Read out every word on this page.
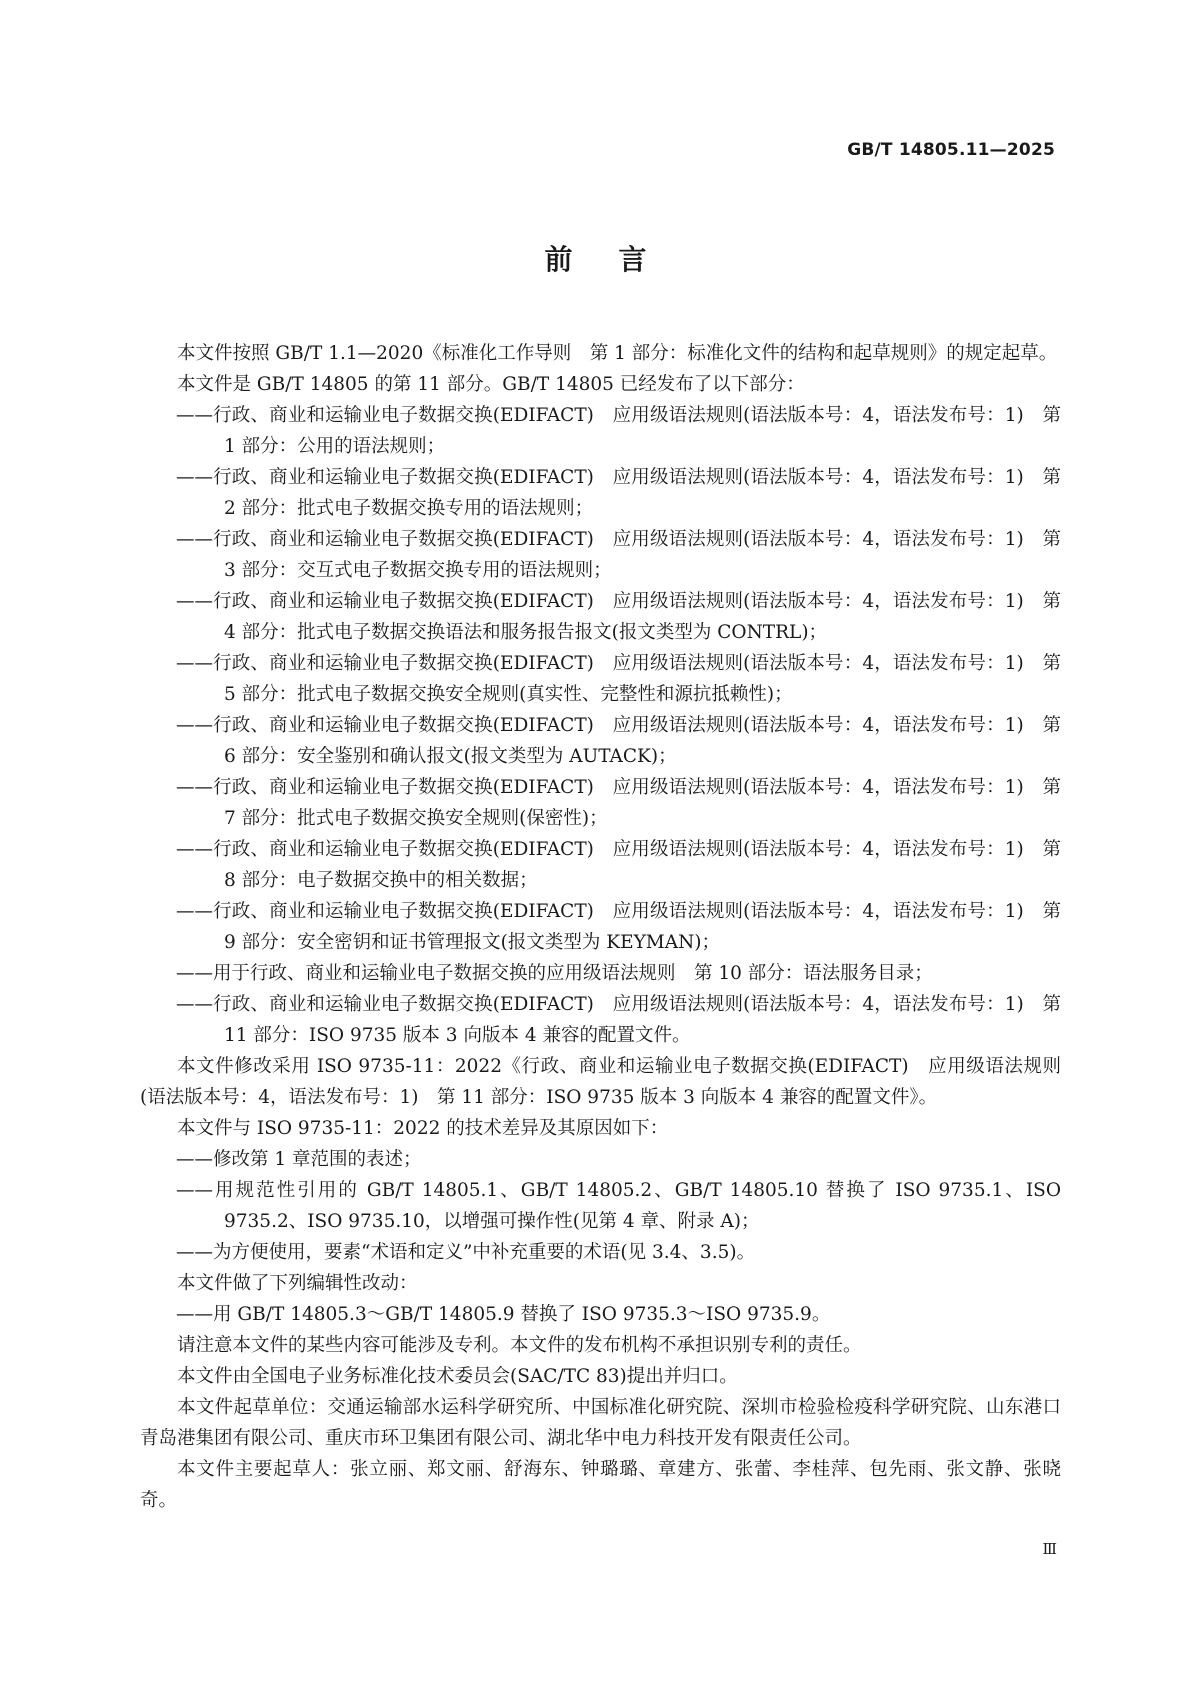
GB/T 14805.11—2025
前言

本文件按照 GB/T 1.1—2020《标准化工作导则　第 1 部分：标准化文件的结构和起草规则》的规定起草。

本文件是 GB/T 14805 的第 11 部分。GB/T 14805 已经发布了以下部分：

——行政、商业和运输业电子数据交换(EDIFACT)　应用级语法规则(语法版本号：4，语法发布号：1)　第 1 部分：公用的语法规则；

——行政、商业和运输业电子数据交换(EDIFACT)　应用级语法规则(语法版本号：4，语法发布号：1)　第 2 部分：批式电子数据交换专用的语法规则；

——行政、商业和运输业电子数据交换(EDIFACT)　应用级语法规则(语法版本号：4，语法发布号：1)　第 3 部分：交互式电子数据交换专用的语法规则；

——行政、商业和运输业电子数据交换(EDIFACT)　应用级语法规则(语法版本号：4，语法发布号：1)　第 4 部分：批式电子数据交换语法和服务报告报文(报文类型为 CONTRL)；

——行政、商业和运输业电子数据交换(EDIFACT)　应用级语法规则(语法版本号：4，语法发布号：1)　第 5 部分：批式电子数据交换安全规则(真实性、完整性和源抗抵赖性)；

——行政、商业和运输业电子数据交换(EDIFACT)　应用级语法规则(语法版本号：4，语法发布号：1)　第 6 部分：安全鉴别和确认报文(报文类型为 AUTACK)；

——行政、商业和运输业电子数据交换(EDIFACT)　应用级语法规则(语法版本号：4，语法发布号：1)　第 7 部分：批式电子数据交换安全规则(保密性)；

——行政、商业和运输业电子数据交换(EDIFACT)　应用级语法规则(语法版本号：4，语法发布号：1)　第 8 部分：电子数据交换中的相关数据；

——行政、商业和运输业电子数据交换(EDIFACT)　应用级语法规则(语法版本号：4，语法发布号：1)　第 9 部分：安全密钥和证书管理报文(报文类型为 KEYMAN)；

——用于行政、商业和运输业电子数据交换的应用级语法规则　第 10 部分：语法服务目录；

——行政、商业和运输业电子数据交换(EDIFACT)　应用级语法规则(语法版本号：4，语法发布号：1)　第 11 部分：ISO 9735 版本 3 向版本 4 兼容的配置文件。

本文件修改采用 ISO 9735-11：2022《行政、商业和运输业电子数据交换(EDIFACT)　应用级语法规则(语法版本号：4，语法发布号：1)　第 11 部分：ISO 9735 版本 3 向版本 4 兼容的配置文件》。

本文件与 ISO 9735-11：2022 的技术差异及其原因如下：

——修改第 1 章范围的表述；

——用规范性引用的 GB/T 14805.1、GB/T 14805.2、GB/T 14805.10 替换了 ISO 9735.1、ISO 9735.2、ISO 9735.10，以增强可操作性(见第 4 章、附录 A)；

——为方便使用，要素“术语和定义”中补充重要的术语(见 3.4、3.5)。

本文件做了下列编辑性改动：

——用 GB/T 14805.3～GB/T 14805.9 替换了 ISO 9735.3～ISO 9735.9。

请注意本文件的某些内容可能涉及专利。本文件的发布机构不承担识别专利的责任。

本文件由全国电子业务标准化技术委员会(SAC/TC 83)提出并归口。

本文件起草单位：交通运输部水运科学研究所、中国标准化研究院、深圳市检验检疫科学研究院、山东港口青岛港集团有限公司、重庆市环卫集团有限公司、湖北华中电力科技开发有限责任公司。

本文件主要起草人：张立丽、郑文丽、舒海东、钟璐璐、章建方、张蕾、李桂萍、包先雨、张文静、张晓奇。

Ⅲ
